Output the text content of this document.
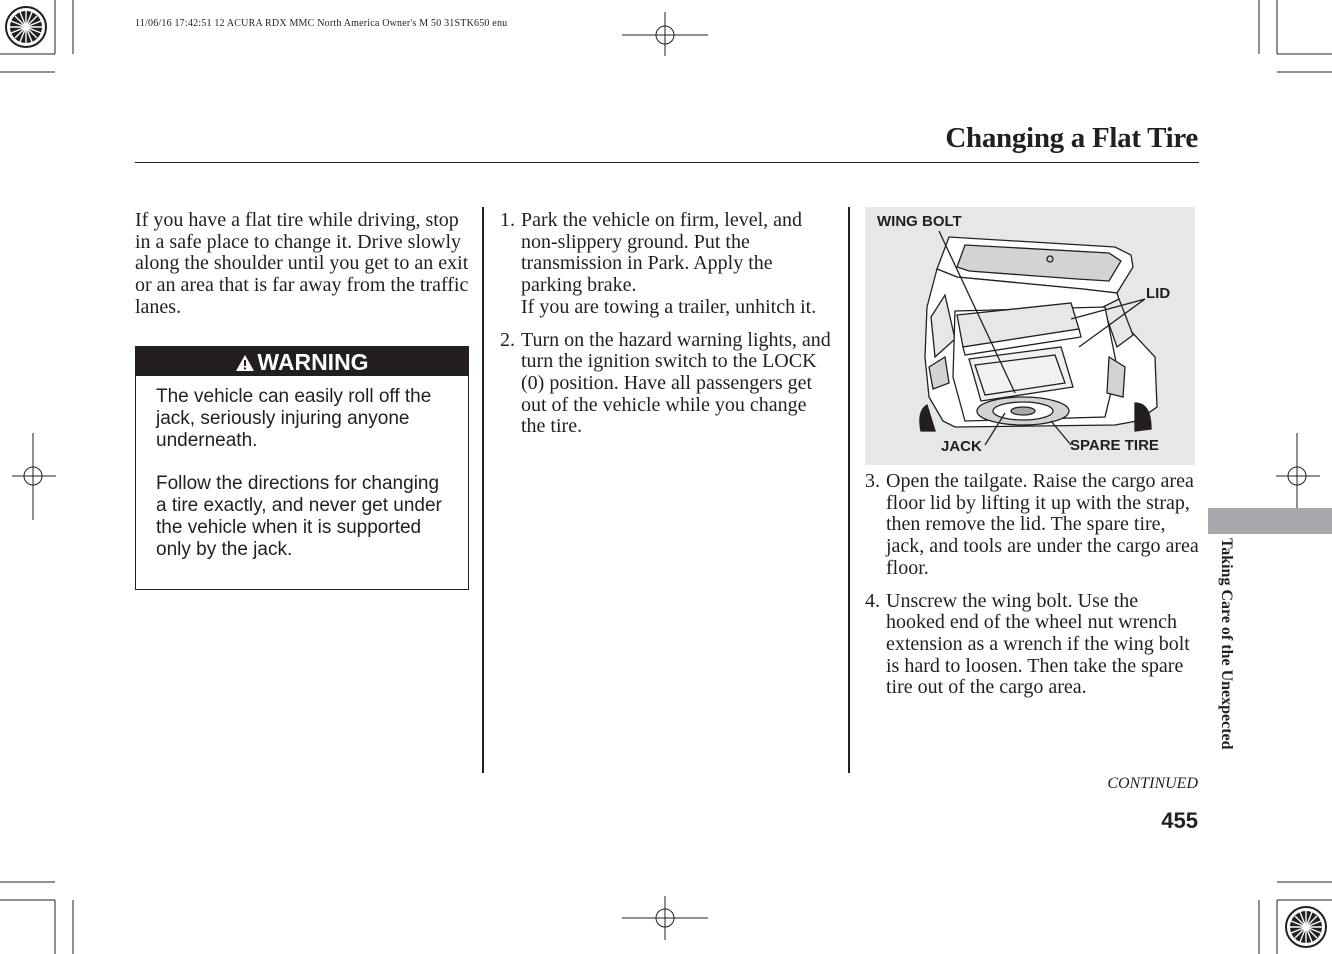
11/06/16 17:42:51 12 ACURA RDX MMC North America Owner's M 50 31STK650 enu
Changing a Flat Tire
If you have a flat tire while driving, stop in a safe place to change it. Drive slowly along the shoulder until you get to an exit or an area that is far away from the traffic lanes.
WARNING

The vehicle can easily roll off the jack, seriously injuring anyone underneath.

Follow the directions for changing a tire exactly, and never get under the vehicle when it is supported only by the jack.

1. Park the vehicle on firm, level, and non-slippery ground. Put the transmission in Park. Apply the parking brake.
If you are towing a trailer, unhitch it.
2. Turn on the hazard warning lights, and turn the ignition switch to the LOCK (0) position. Have all passengers get out of the vehicle while you change the tire.
WING BOLT
LID
JACK	SPARE TIRE
3. Open the tailgate. Raise the cargo area floor lid by lifting it up with the strap, then remove the lid. The spare tire, jack, and tools are under the cargo area floor.
4. Unscrew the wing bolt. Use the hooked end of the wheel nut wrench extension as a wrench if the wing bolt is hard to loosen. Then take the spare tire out of the cargo area.	Taking Care of the Unexpected
CONTINUED
455
